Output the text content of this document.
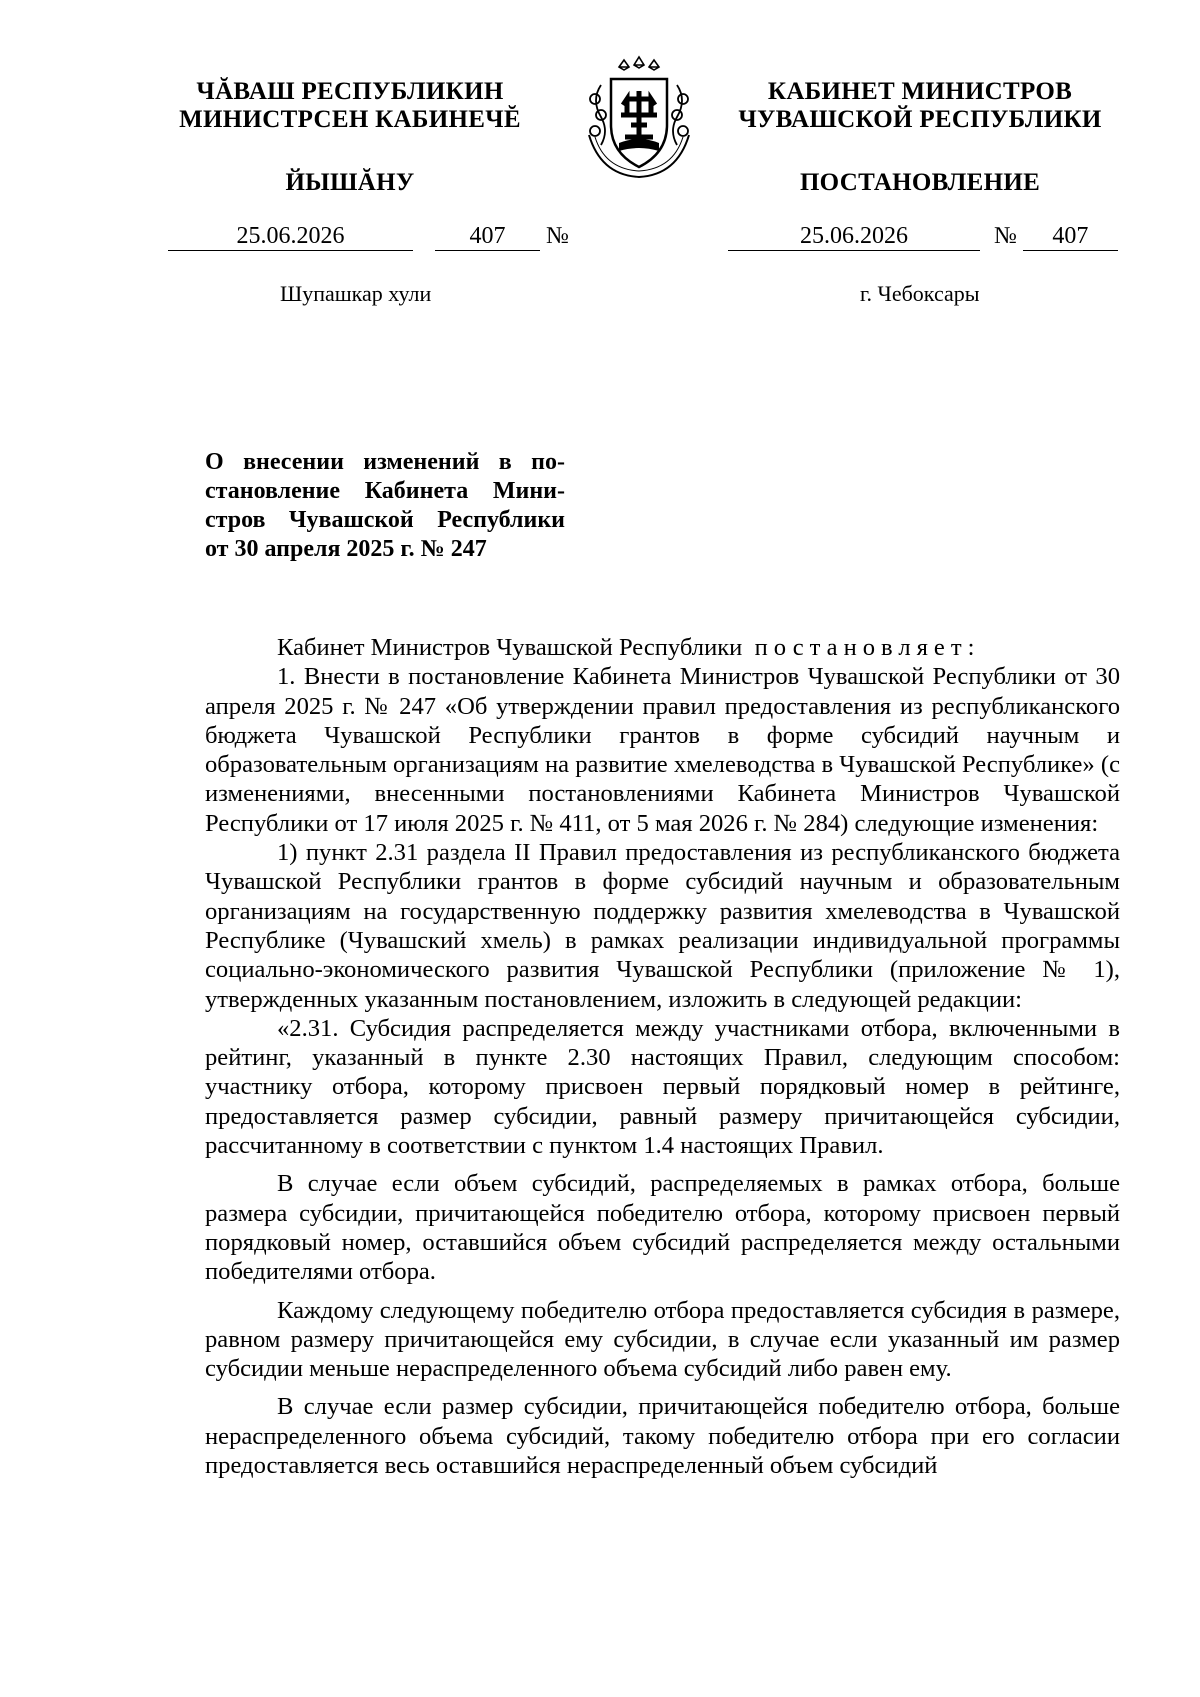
ЧĂВАШ РЕСПУБЛИКИН
МИНИСТРСЕН КАБИНЕЧĔ
ЙЫШĂНУ
КАБИНЕТ МИНИСТРОВ
ЧУВАШСКОЙ РЕСПУБЛИКИ
ПОСТАНОВЛЕНИЕ
25.06.2026	407 №	25.06.2026	№ 407
Шупашкар хули	г. Чебоксары
О внесении изменений в по-
становление Кабинета Мини-
стров Чувашской Республики
от 30 апреля 2025 г. № 247

Кабинет Министров Чувашской Республики постановляет:

1. Внести в постановление Кабинета Министров Чувашской Республики от 30 апреля 2025 г. № 247 «Об утверждении правил предоставления из республиканского бюджета Чувашской Республики грантов в форме субсидий научным и образовательным организациям на развитие хмелеводства в Чувашской Республике» (с изменениями, внесенными постановлениями Кабинета Министров Чувашской Республики от 17 июля 2025 г. № 411, от 5 мая 2026 г. № 284) следующие изменения:

1) пункт 2.31 раздела II Правил предоставления из республиканского бюджета Чувашской Республики грантов в форме субсидий научным и образовательным организациям на государственную поддержку развития хмелеводства в Чувашской Республике (Чувашский хмель) в рамках реализации индивидуальной программы социально-экономического развития Чувашской Республики (приложение № 1), утвержденных указанным постановлением, изложить в следующей редакции:

«2.31. Субсидия распределяется между участниками отбора, включенными в рейтинг, указанный в пункте 2.30 настоящих Правил, следующим способом: участнику отбора, которому присвоен первый порядковый номер в рейтинге, предоставляется размер субсидии, равный размеру причитающейся субсидии, рассчитанному в соответствии с пунктом 1.4 настоящих Правил.

В случае если объем субсидий, распределяемых в рамках отбора, больше размера субсидии, причитающейся победителю отбора, которому присвоен первый порядковый номер, оставшийся объем субсидий распределяется между остальными победителями отбора.

Каждому следующему победителю отбора предоставляется субсидия в размере, равном размеру причитающейся ему субсидии, в случае если указанный им размер субсидии меньше нераспределенного объема субсидий либо равен ему.

В случае если размер субсидии, причитающейся победителю отбора, больше нераспределенного объема субсидий, такому победителю отбора при его согласии предоставляется весь оставшийся нераспределенный объем субсидий
